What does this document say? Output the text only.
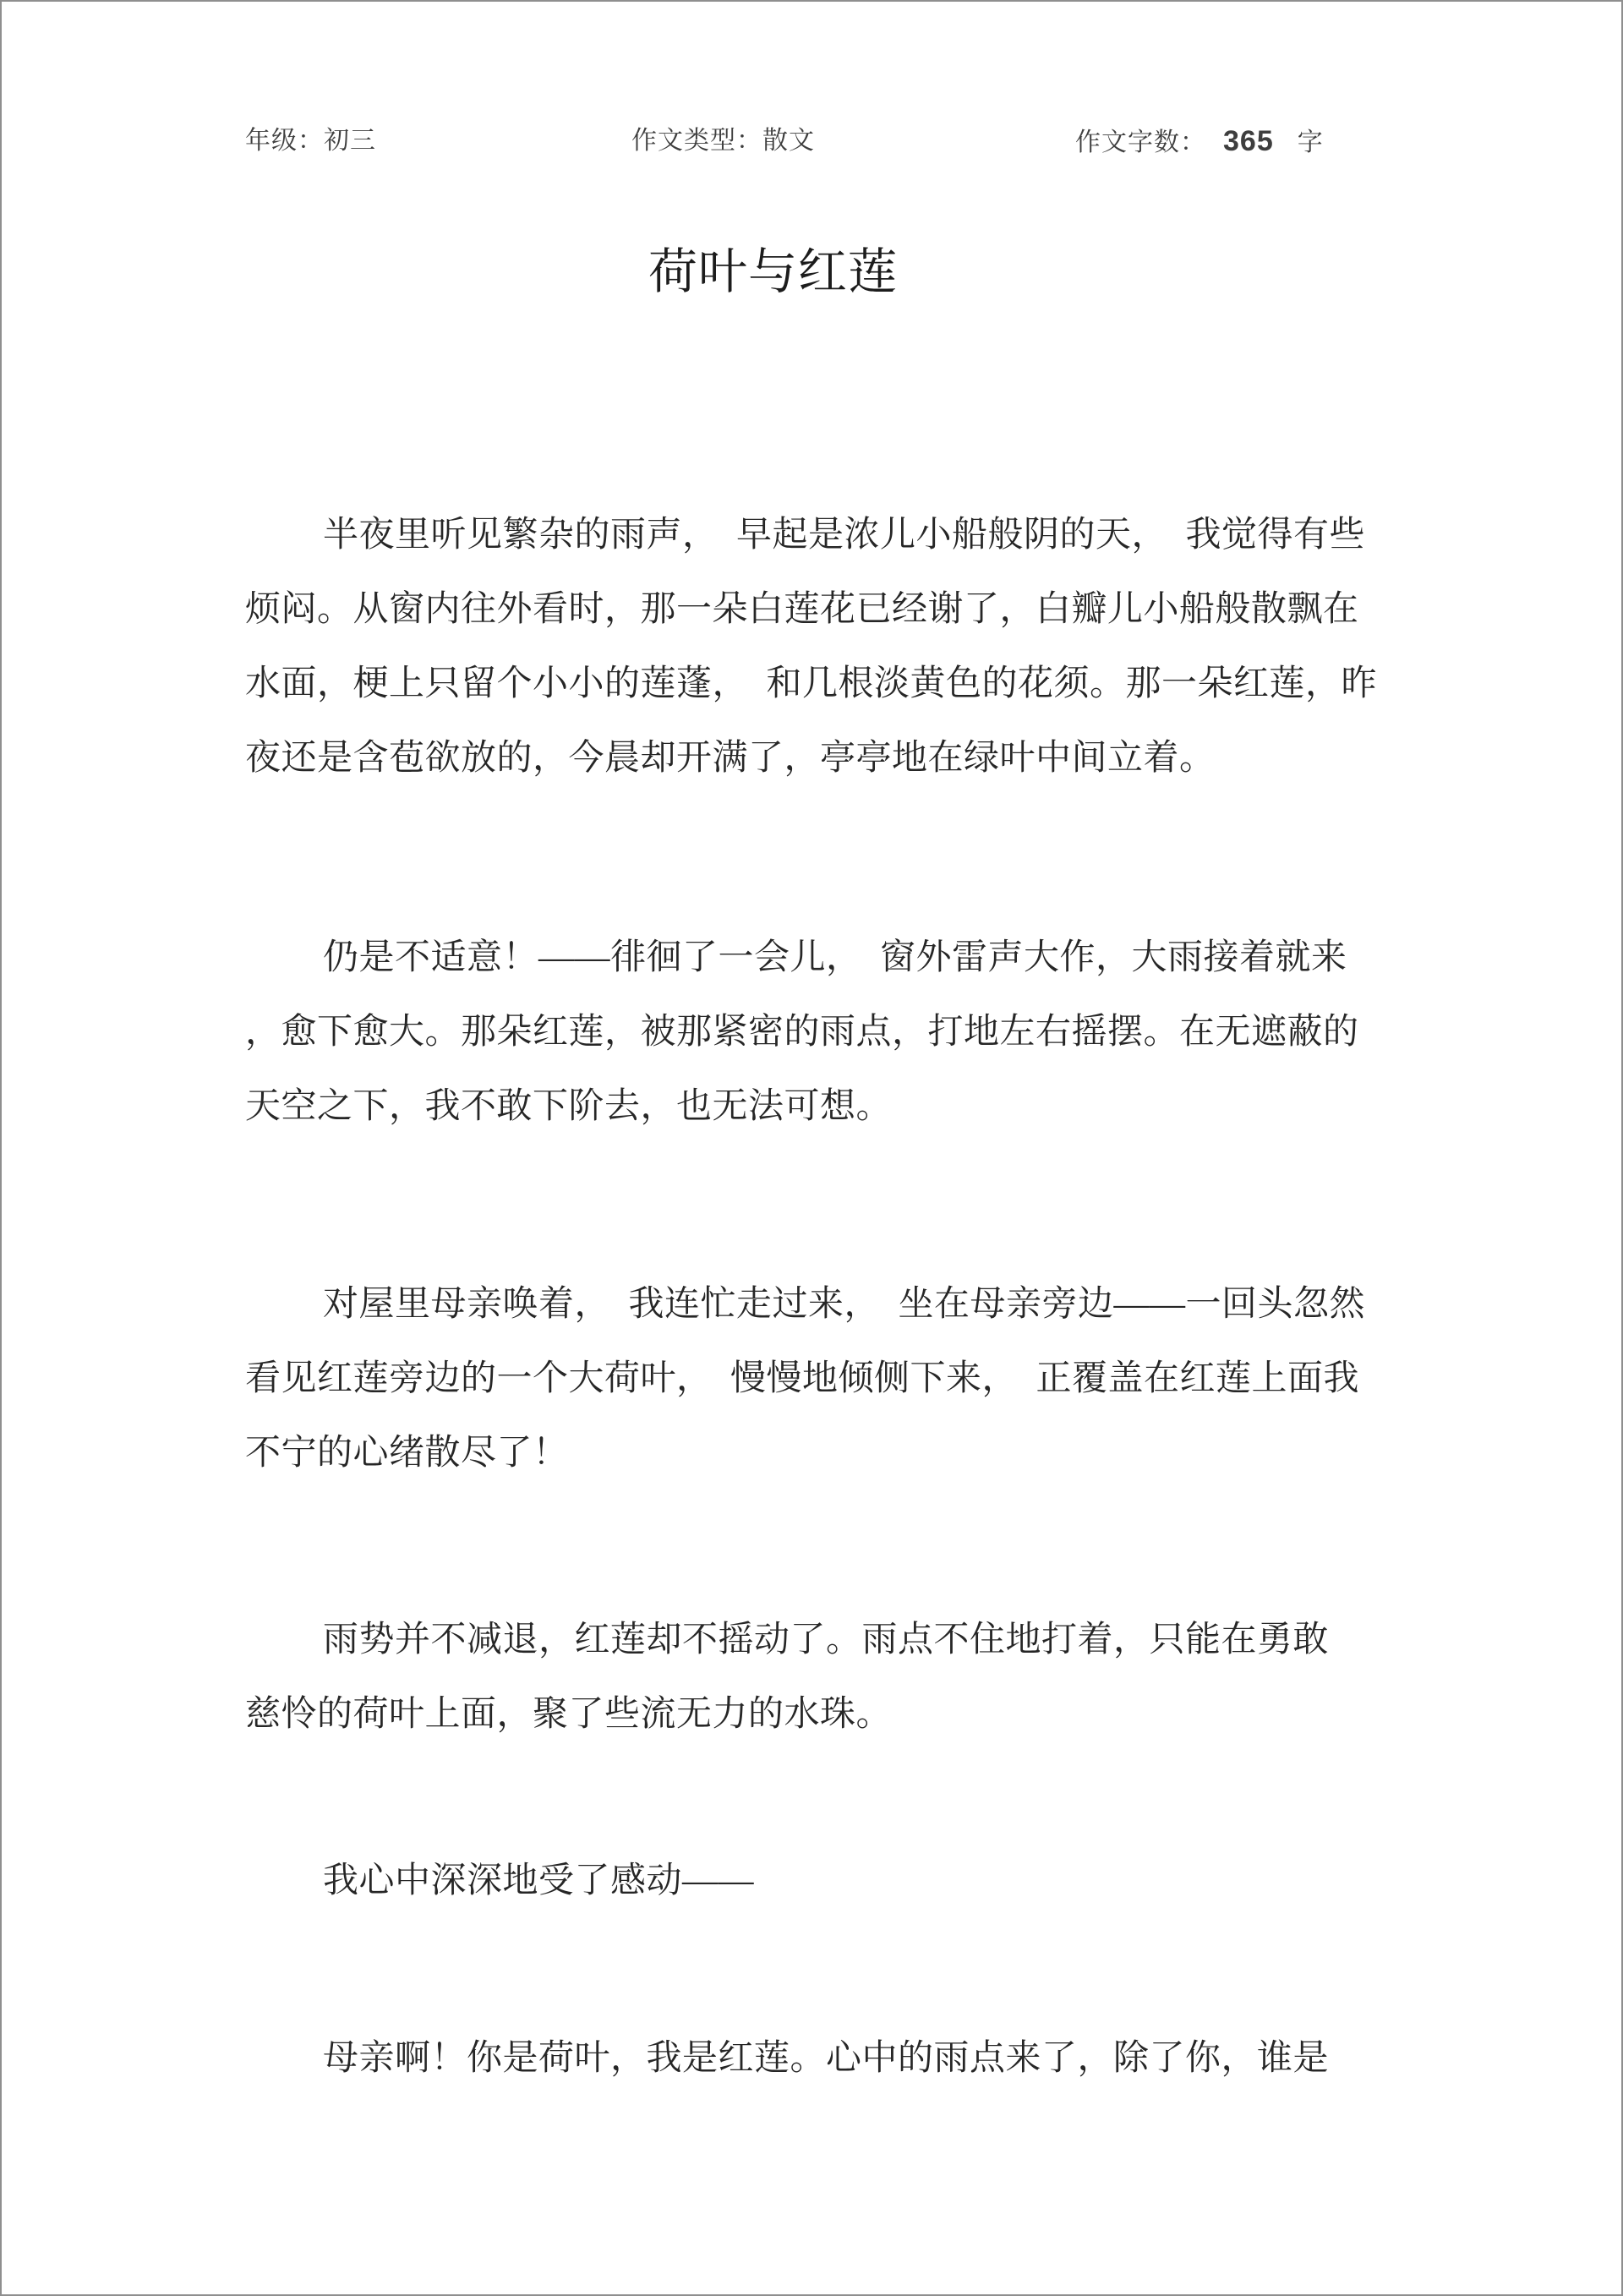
年级：初三	作文类型：散文	作文字数： 365 字
荷叶与红莲
半夜里听见繁杂的雨声，　早起是浓儿小船般阴的天，　我觉得有些
烦闷。从窗内往外看时，那一朵白莲花已经谢了，白瓣儿小船般散飘在
水面，梗上只留个小小的莲蓬，　和几根淡黄色的花须。那一朵红莲，昨
夜还是含苞欲放的，今晨却开满了，亭亭地在绿叶中间立着。
仍是不适意！——徘徊了一会儿，　窗外雷声大作，大雨接着就来
，愈下愈大。那朵红莲，被那紧密的雨点，打地左右摇摆。在无遮蔽的
天空之下，我不敢下阶去，也无法可想。
对屋里母亲唤着，　我连忙走过来，　坐在母亲旁边——一回头忽然
看见红莲旁边的一个大荷叶，　慢慢地倾侧下来，　正覆盖在红莲上面我
不宁的心绪散尽了！
雨势并不减退，红莲却不摇动了。雨点不住地打着，只能在勇敢
慈怜的荷叶上面，聚了些流无力的水珠。
我心中深深地受了感动——
母亲啊！你是荷叶，我是红莲。心中的雨点来了，除了你，谁是
